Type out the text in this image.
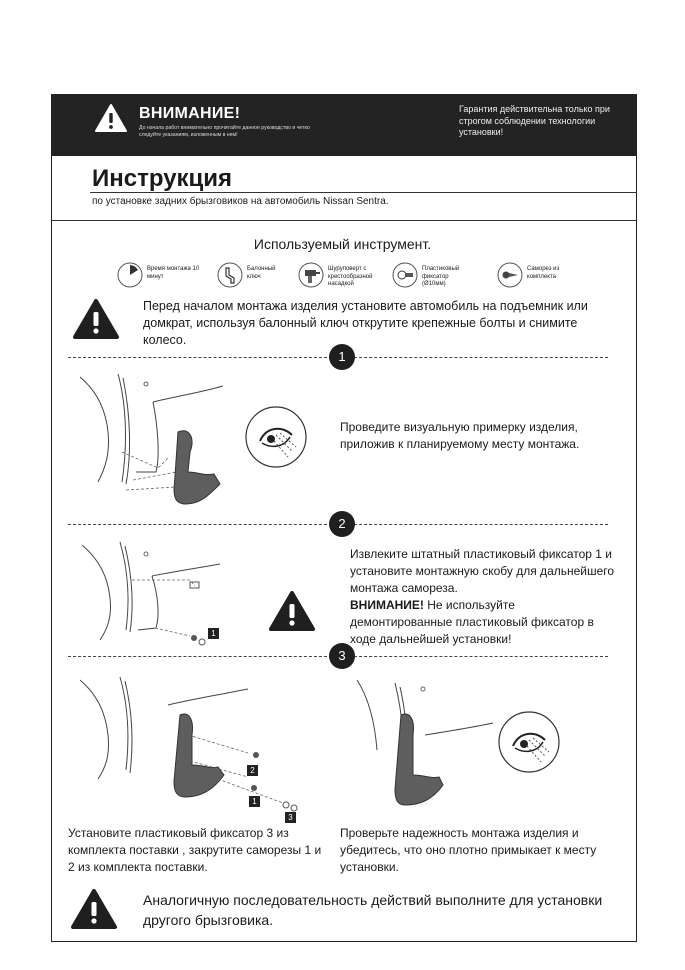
ВНИМАНИЕ!
До начала работ внимательно прочитайте данное руководство и четко следуйте указаниям, изложенным в нем!
Гарантия действительна только при строгом соблюдении технологии установки!
Инструкция
по установке задних брызговиков на автомобиль Nissan Sentra.
Используемый инструмент.
Время монтажа 10 минут
Балонный ключ
Шуруповерт с крестообразной насадкой
Пластиковый фиксатор (Ø10мм)
Саморез из комплекта
Перед началом монтажа изделия установите автомобиль на подъемник или домкрат, используя балонный ключ открутите крепежные болты и снимите колесо.
1
Проведите визуальную примерку изделия, приложив к планируемому месту монтажа.
2
1
Извлеките штатный пластиковый фиксатор 1 и установите монтажную скобу для дальнейшего монтажа самореза.
ВНИМАНИЕ! Не используйте демонтированные пластиковый фиксатор в ходе дальнейшей установки!
3
2
1
3
Установите пластиковый фиксатор 3 из комплекта поставки , закрутите саморезы 1 и 2 из комплекта поставки.
Проверьте надежность монтажа изделия и убедитесь, что оно плотно примыкает к месту установки.
Аналогичную последовательность действий выполните для установки другого брызговика.
